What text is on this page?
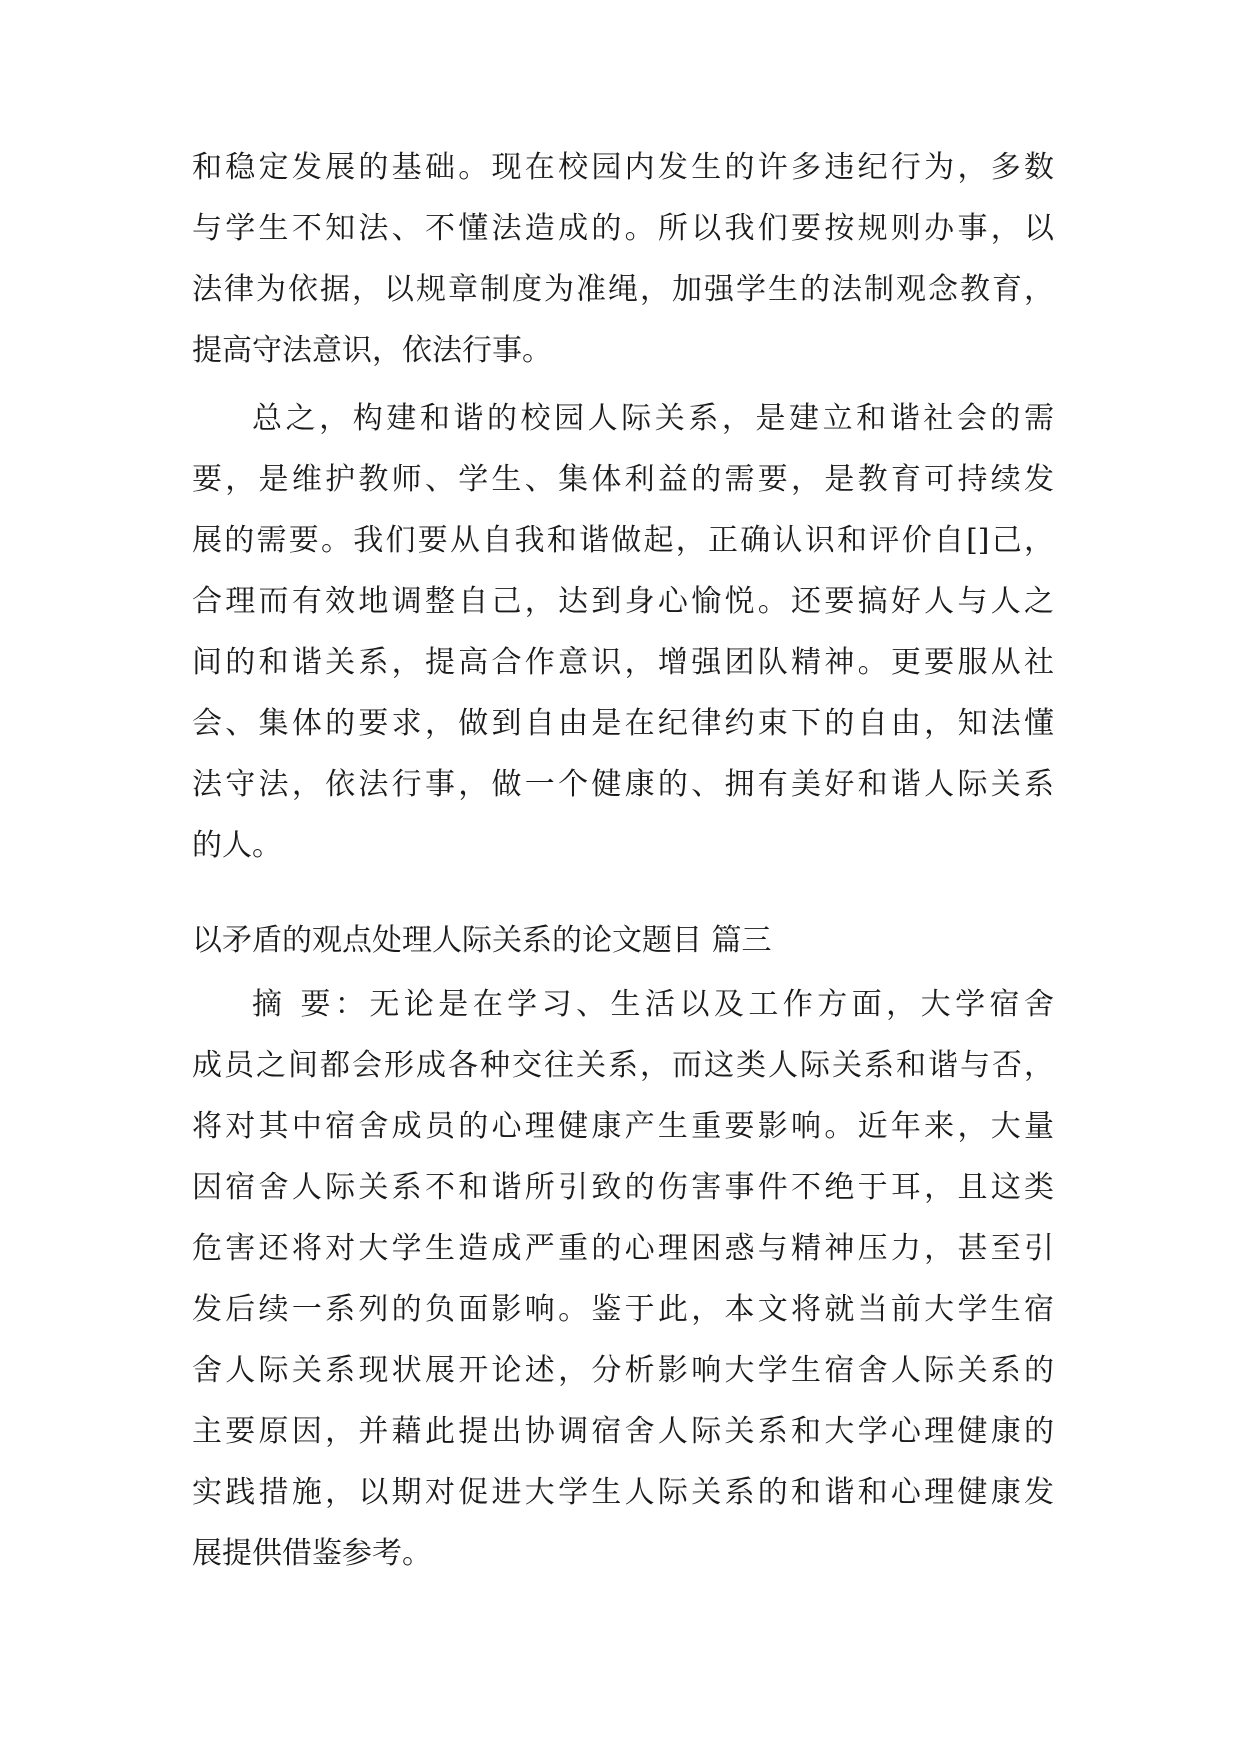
和稳定发展的基础。现在校园内发生的许多违纪行为，多数
与学生不知法、不懂法造成的。所以我们要按规则办事，以
法律为依据，以规章制度为准绳，加强学生的法制观念教育，
提高守法意识，依法行事。
总之，构建和谐的校园人际关系，是建立和谐社会的需
要，是维护教师、学生、集体利益的需要，是教育可持续发
展的需要。我们要从自我和谐做起，正确认识和评价自[]己，
合理而有效地调整自己，达到身心愉悦。还要搞好人与人之
间的和谐关系，提高合作意识，增强团队精神。更要服从社
会、集体的要求，做到自由是在纪律约束下的自由，知法懂
法守法，依法行事，做一个健康的、拥有美好和谐人际关系
的人。
以矛盾的观点处理人际关系的论文题目 篇三
摘 要：无论是在学习、生活以及工作方面，大学宿舍
成员之间都会形成各种交往关系，而这类人际关系和谐与否，
将对其中宿舍成员的心理健康产生重要影响。近年来，大量
因宿舍人际关系不和谐所引致的伤害事件不绝于耳，且这类
危害还将对大学生造成严重的心理困惑与精神压力，甚至引
发后续一系列的负面影响。鉴于此，本文将就当前大学生宿
舍人际关系现状展开论述，分析影响大学生宿舍人际关系的
主要原因，并藉此提出协调宿舍人际关系和大学心理健康的
实践措施，以期对促进大学生人际关系的和谐和心理健康发
展提供借鉴参考。
